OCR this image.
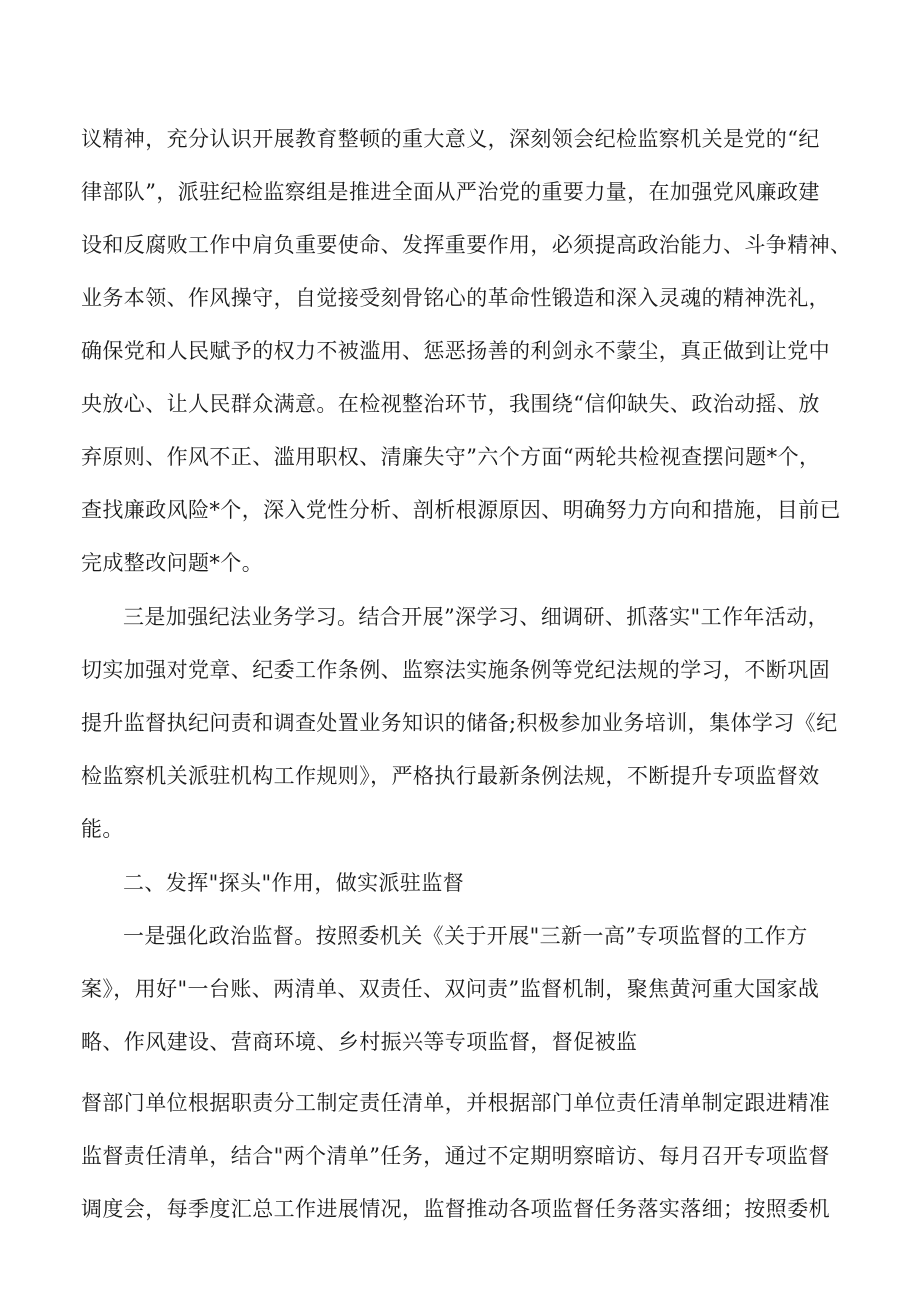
议精神，充分认识开展教育整顿的重大意义，深刻领会纪检监察机关是党的“纪
律部队”，派驻纪检监察组是推进全面从严治党的重要力量，在加强党风廉政建
设和反腐败工作中肩负重要使命、发挥重要作用，必须提高政治能力、斗争精神、
业务本领、作风操守，自觉接受刻骨铭心的革命性锻造和深入灵魂的精神洗礼，
确保党和人民赋予的权力不被滥用、惩恶扬善的利剑永不蒙尘，真正做到让党中
央放心、让人民群众满意。在检视整治环节，我围绕“信仰缺失、政治动摇、放
弃原则、作风不正、滥用职权、清廉失守”六个方面“两轮共检视查摆问题*个，
查找廉政风险*个，深入党性分析、剖析根源原因、明确努力方向和措施，目前已
完成整改问题*个。
三是加强纪法业务学习。结合开展”深学习、细调研、抓落实"工作年活动，
切实加强对党章、纪委工作条例、监察法实施条例等党纪法规的学习，不断巩固
提升监督执纪问责和调查处置业务知识的储备;积极参加业务培训，集体学习《纪
检监察机关派驻机构工作规则》，严格执行最新条例法规，不断提升专项监督效
能。
二、发挥"探头"作用，做实派驻监督
一是强化政治监督。按照委机关《关于开展"三新一高”专项监督的工作方
案》，用好"一台账、两清单、双责任、双问责”监督机制，聚焦黄河重大国家战
略、作风建设、营商环境、乡村振兴等专项监督，督促被监
督部门单位根据职责分工制定责任清单，并根据部门单位责任清单制定跟进精准
监督责任清单，结合"两个清单”任务，通过不定期明察暗访、每月召开专项监督
调度会，每季度汇总工作进展情况，监督推动各项监督任务落实落细；按照委机
